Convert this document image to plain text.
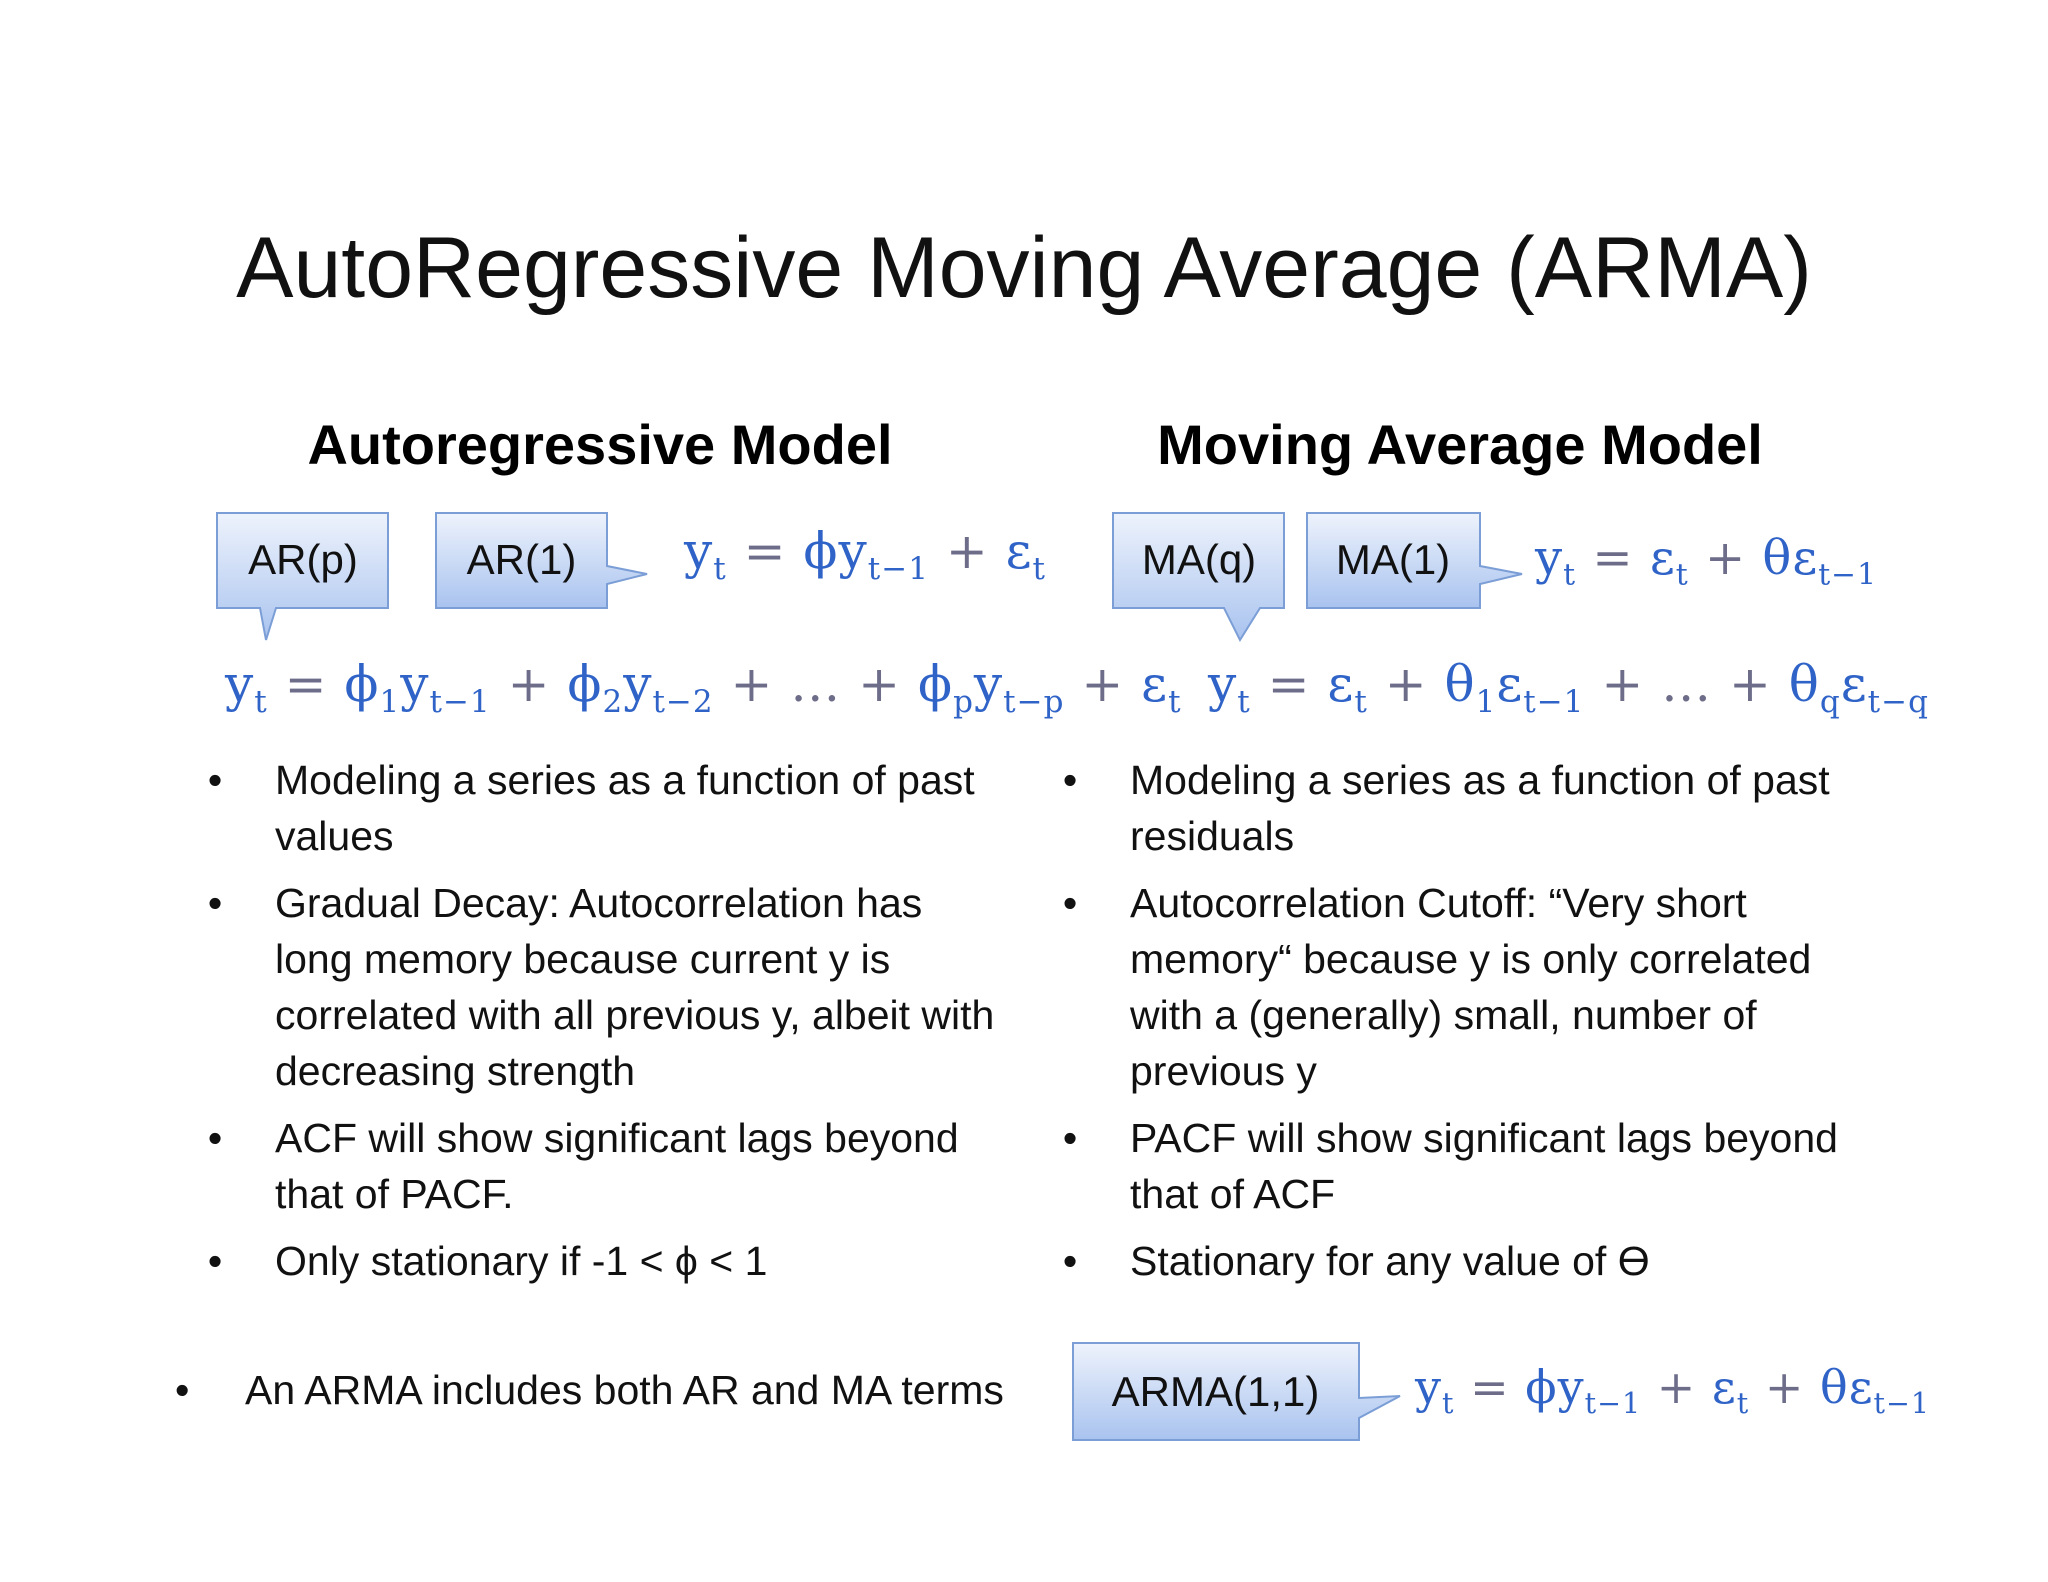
AutoRegressive Moving Average (ARMA)
Autoregressive Model	Moving Average Model
AR(p)	AR(1)	$y_t = \phi y_{t-1} + \varepsilon_t$
$y_t = \phi_1y_{t-1} + \phi_2y_{t-2}$ + … + $\phi_py_{t-p} + \varepsilon_t$
MA(q)	MA(1)	$y_t = \varepsilon_t + \theta\varepsilon_{t-1}$
$y_t = \varepsilon_t + \theta_1\varepsilon_{t-1}$ + … + $\theta_q\varepsilon_{t-q}$
• Modeling a series as a function of past values
• Gradual Decay: Autocorrelation has long memory because current y is correlated with all previous y, albeit with decreasing strength
• ACF will show significant lags beyond that of PACF.
• Only stationary if -1 < ϕ < 1
• Modeling a series as a function of past residuals
• Autocorrelation Cutoff: “Very short memory“ because y is only correlated with a (generally) small, number of previous y
• PACF will show significant lags beyond that of ACF
• Stationary for any value of Ө
• An ARMA includes both AR and MA terms	ARMA(1,1)	$y_t = \phi y_{t-1} + \varepsilon_t + \theta\varepsilon_{t-1}$
